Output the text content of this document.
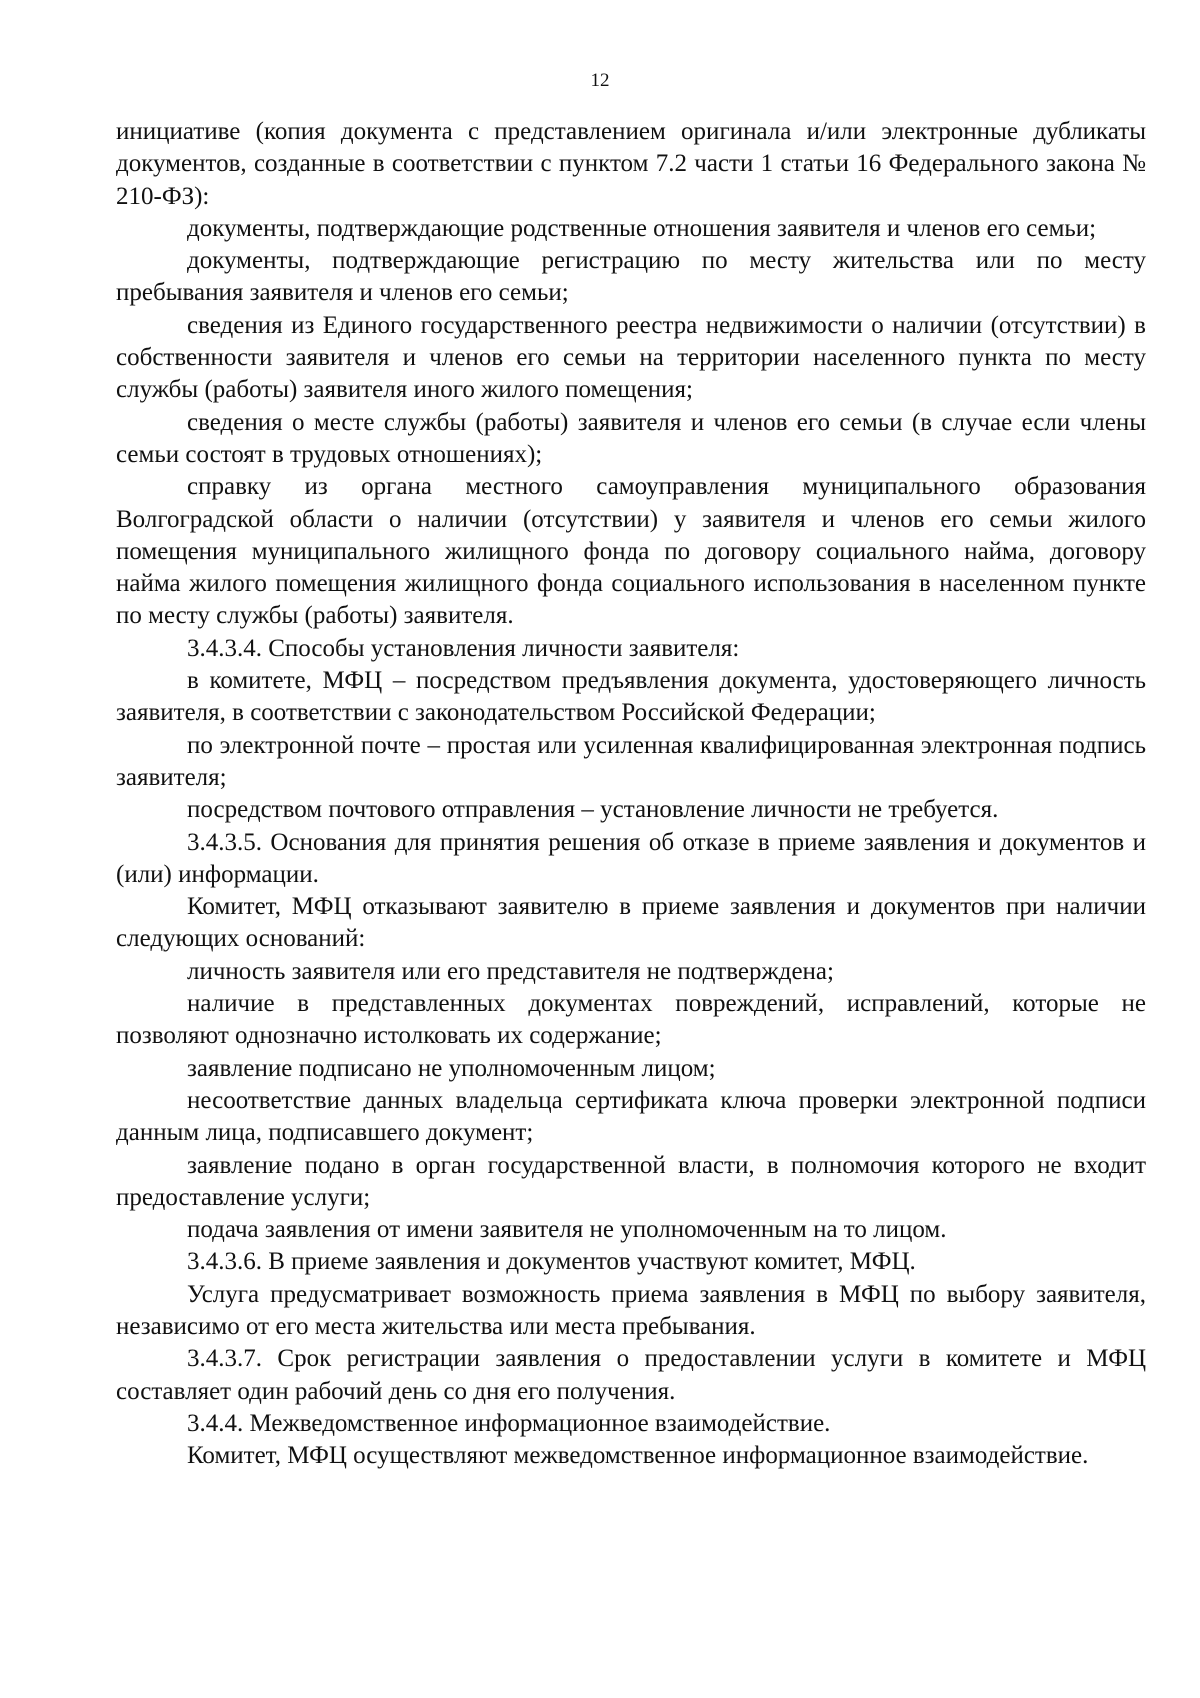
12

инициативе (копия документа с представлением оригинала и/или электронные дубликаты документов, созданные в соответствии с пунктом 7.2 части 1 статьи 16 Федерального закона № 210-ФЗ):

документы, подтверждающие родственные отношения заявителя и членов его семьи;

документы, подтверждающие регистрацию по месту жительства или по месту пребывания заявителя и членов его семьи;

сведения из Единого государственного реестра недвижимости о наличии (отсутствии) в собственности заявителя и членов его семьи на территории населенного пункта по месту службы (работы) заявителя иного жилого помещения;

сведения о месте службы (работы) заявителя и членов его семьи (в случае если члены семьи состоят в трудовых отношениях);

справку из органа местного самоуправления муниципального образования Волгоградской области о наличии (отсутствии) у заявителя и членов его семьи жилого помещения муниципального жилищного фонда по договору социального найма, договору найма жилого помещения жилищного фонда социального использования в населенном пункте по месту службы (работы) заявителя.

3.4.3.4. Способы установления личности заявителя:

в комитете, МФЦ – посредством предъявления документа, удостоверяющего личность заявителя, в соответствии с законодательством Российской Федерации;

по электронной почте – простая или усиленная квалифицированная электронная подпись заявителя;

посредством почтового отправления – установление личности не требуется.

3.4.3.5. Основания для принятия решения об отказе в приеме заявления и документов и (или) информации.

Комитет, МФЦ отказывают заявителю в приеме заявления и документов при наличии следующих оснований:

личность заявителя или его представителя не подтверждена;

наличие в представленных документах повреждений, исправлений, которые не позволяют однозначно истолковать их содержание;

заявление подписано не уполномоченным лицом;

несоответствие данных владельца сертификата ключа проверки электронной подписи данным лица, подписавшего документ;

заявление подано в орган государственной власти, в полномочия которого не входит предоставление услуги;

подача заявления от имени заявителя не уполномоченным на то лицом.

3.4.3.6. В приеме заявления и документов участвуют комитет, МФЦ.

Услуга предусматривает возможность приема заявления в МФЦ по выбору заявителя, независимо от его места жительства или места пребывания.

3.4.3.7. Срок регистрации заявления о предоставлении услуги в комитете и МФЦ составляет один рабочий день со дня его получения.

3.4.4. Межведомственное информационное взаимодействие.

Комитет, МФЦ осуществляют межведомственное информационное взаимодействие.
